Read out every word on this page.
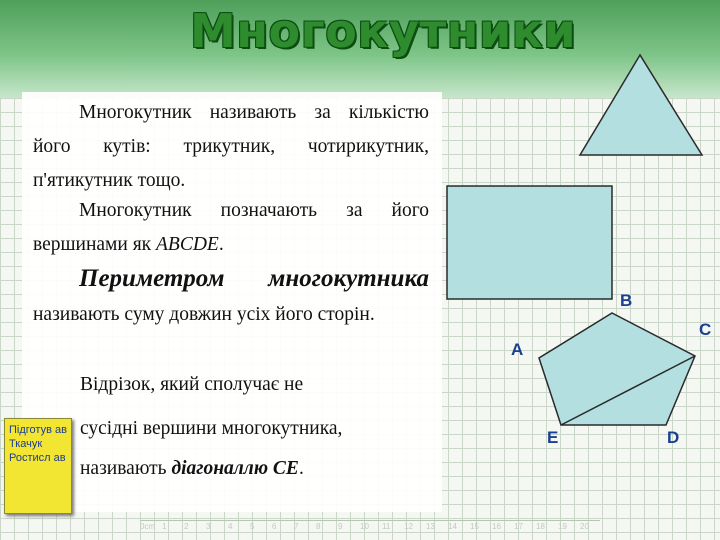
Многокутники

Многокутник називають за кількістю його кутів: трикутник, чотирикутник, п'ятикутник тощо.

Многокутник позначають за його вершинами як ABCDE.

Периметром многокутника називають суму довжин усіх його сторін.

Відрізок, який сполучає не
сусідні вершини многокутника,
називають діагоналлю CE.
Підготув ав Ткачук Ростисл ав
0cm 1 2 3 4 5 6 7 8 9 10 11 12 13 14 15 16 17 18 19 20
A
B
C
D
E
